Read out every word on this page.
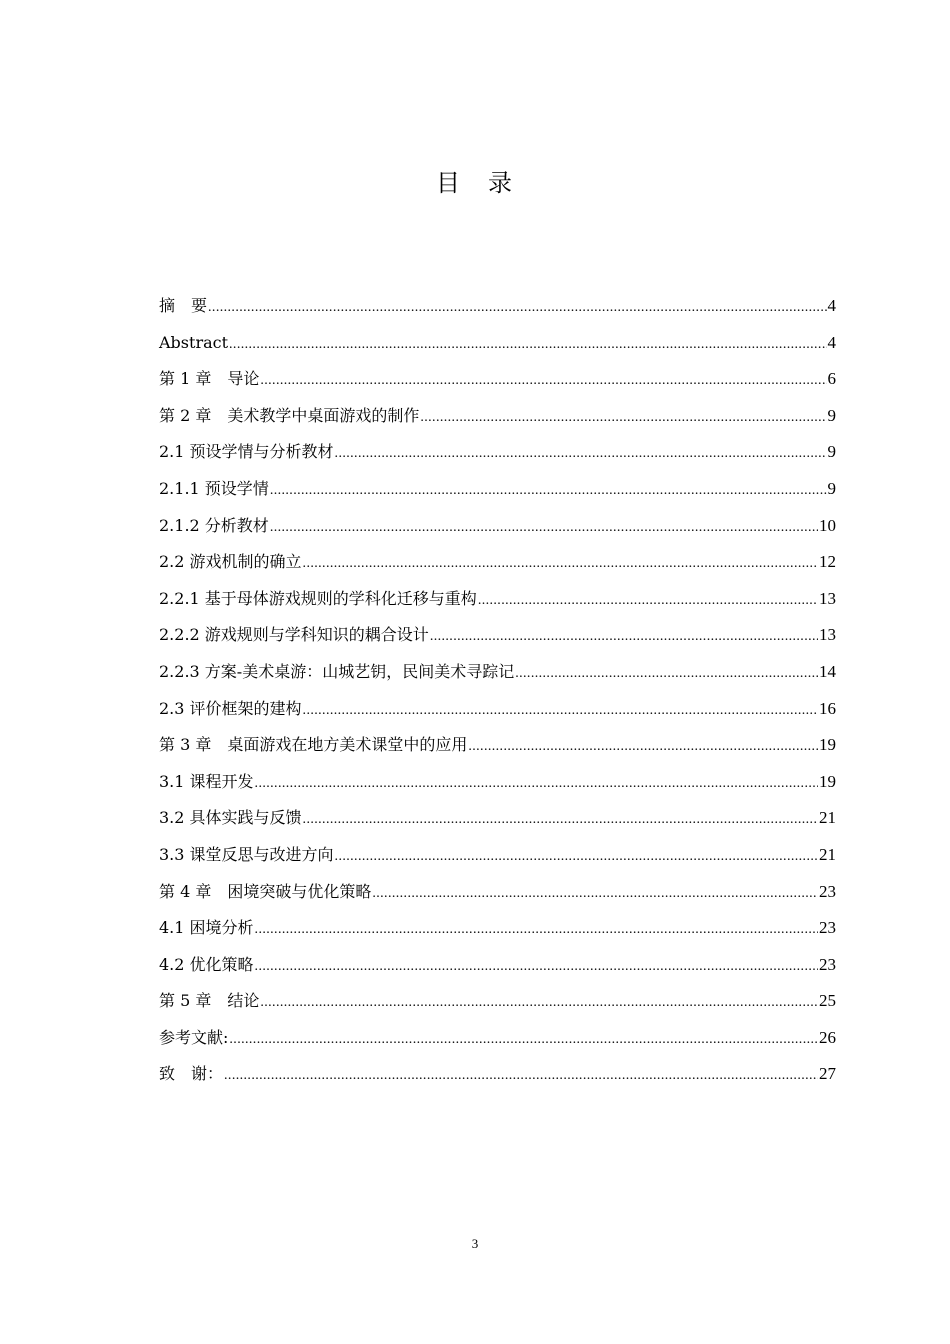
目　录
摘　要 .....	4
Abstract .....	4
第 1 章　导论 .....	6
第 2 章　美术教学中桌面游戏的制作 .....	9
2.1 预设学情与分析教材 .....	9
2.1.1 预设学情 .....	9
2.1.2 分析教材 .....	10
2.2 游戏机制的确立 .....	12
2.2.1 基于母体游戏规则的学科化迁移与重构 .....	13
2.2.2 游戏规则与学科知识的耦合设计 .....	13
2.2.3 方案-美术桌游：山城艺钥，民间美术寻踪记 .....	14
2.3 评价框架的建构 .....	16
第 3 章　桌面游戏在地方美术课堂中的应用 .....	19
3.1 课程开发 .....	19
3.2 具体实践与反馈 .....	21
3.3 课堂反思与改进方向 .....	21
第 4 章　困境突破与优化策略 .....	23
4.1 困境分析 .....	23
4.2 优化策略 .....	23
第 5 章　结论 .....	25
参考文献: .....	26
致　谢： .....	27
3
